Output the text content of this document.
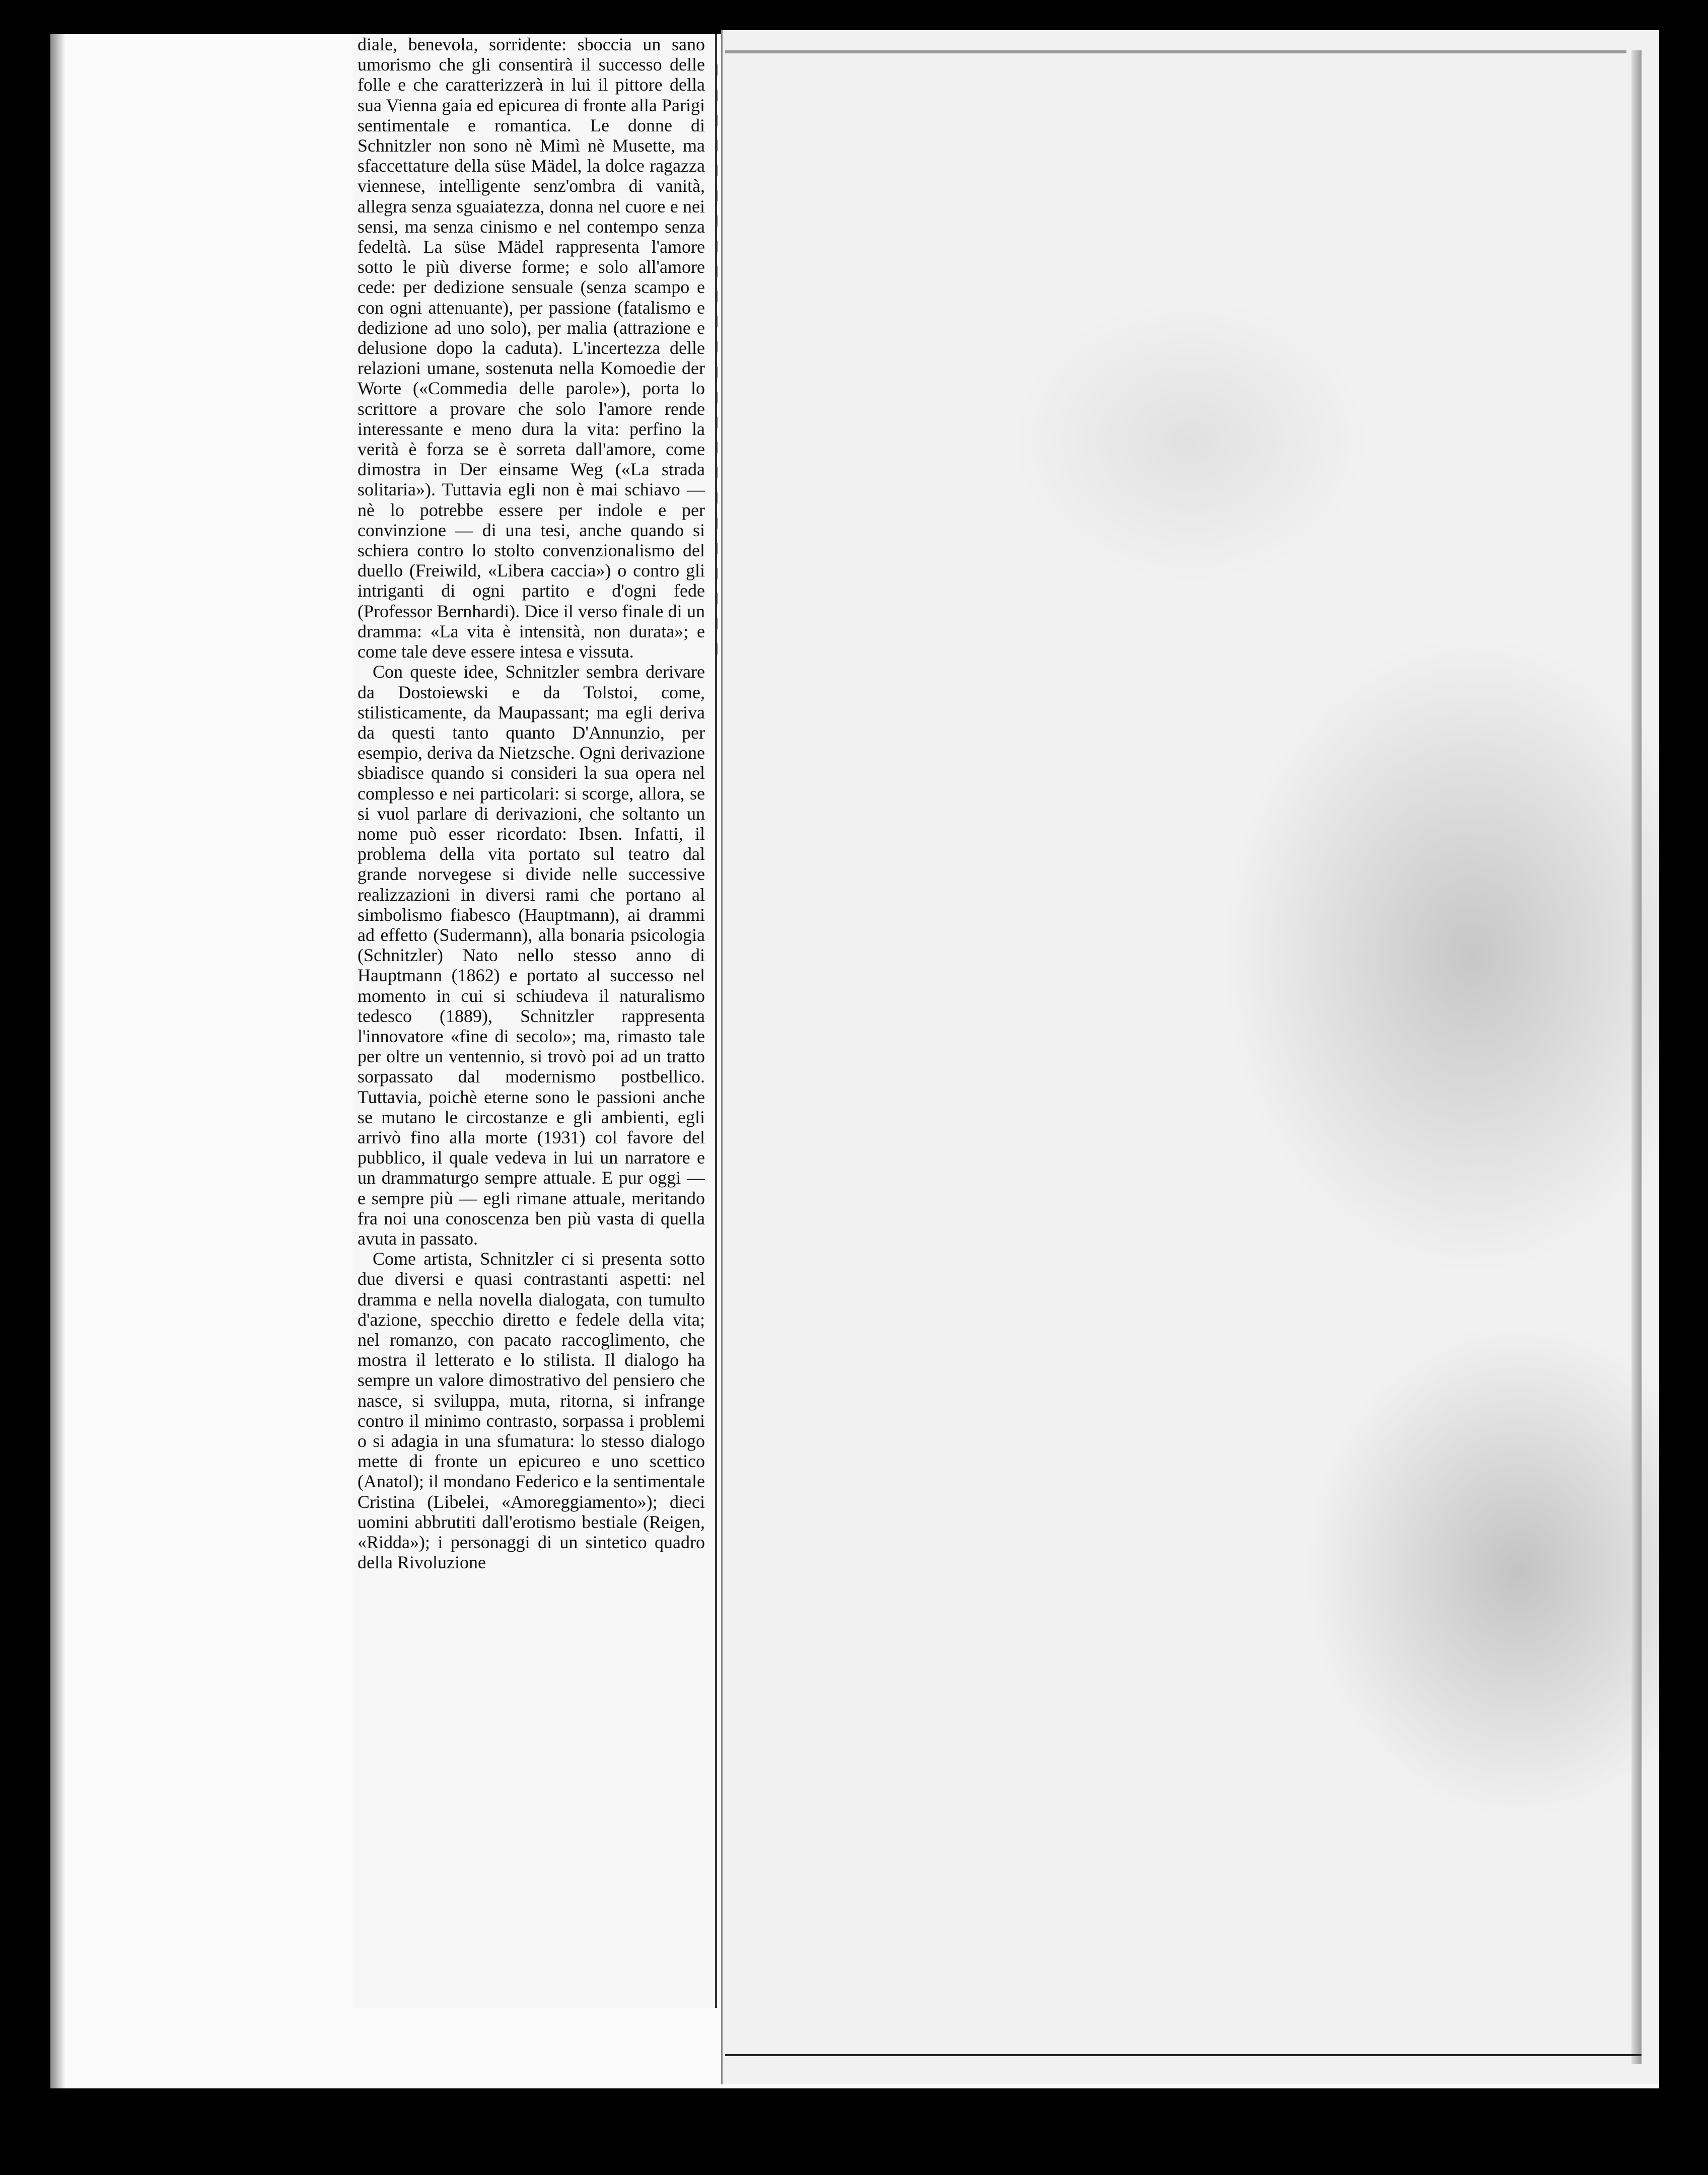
diale, benevola, sorridente: sboccia un sano umorismo che gli consentirà il successo delle folle e che caratterizzerà in lui il pittore della sua Vienna gaia ed epicurea di fronte alla Parigi sentimentale e romantica. Le donne di Schnitzler non sono nè Mimì nè Musette, ma sfaccettature della süse Mädel, la dolce ragazza viennese, intelligente senz'ombra di vanità, allegra senza sguaiatezza, donna nel cuore e nei sensi, ma senza cinismo e nel contempo senza fedeltà. La süse Mädel rappresenta l'amore sotto le più diverse forme; e solo all'amore cede: per dedizione sensuale (senza scampo e con ogni attenuante), per passione (fatalismo e dedizione ad uno solo), per malia (attrazione e delusione dopo la caduta). L'incertezza delle relazioni umane, sostenuta nella Komoedie der Worte («Commedia delle parole»), porta lo scrittore a provare che solo l'amore rende interessante e meno dura la vita: perfino la verità è forza se è sorreta dall'amore, come dimostra in Der einsame Weg («La strada solitaria»). Tuttavia egli non è mai schiavo — nè lo potrebbe essere per indole e per convinzione — di una tesi, anche quando si schiera contro lo stolto convenzionalismo del duello (Freiwild, «Libera caccia») o contro gli intriganti di ogni partito e d'ogni fede (Professor Bernhardi). Dice il verso finale di un dramma: «La vita è intensità, non durata»; e come tale deve essere intesa e vissuta.

Con queste idee, Schnitzler sembra derivare da Dostoiewski e da Tolstoi, come, stilisticamente, da Maupassant; ma egli deriva da questi tanto quanto D'Annunzio, per esempio, deriva da Nietzsche. Ogni derivazione sbiadisce quando si consideri la sua opera nel complesso e nei particolari: si scorge, allora, se si vuol parlare di derivazioni, che soltanto un nome può esser ricordato: Ibsen. Infatti, il problema della vita portato sul teatro dal grande norvegese si divide nelle successive realizzazioni in diversi rami che portano al simbolismo fiabesco (Hauptmann), ai drammi ad effetto (Sudermann), alla bonaria psicologia (Schnitzler) Nato nello stesso anno di Hauptmann (1862) e portato al successo nel momento in cui si schiudeva il naturalismo tedesco (1889), Schnitzler rappresenta l'innovatore «fine di secolo»; ma, rimasto tale per oltre un ventennio, si trovò poi ad un tratto sorpassato dal modernismo postbellico. Tuttavia, poichè eterne sono le passioni anche se mutano le circostanze e gli ambienti, egli arrivò fino alla morte (1931) col favore del pubblico, il quale vedeva in lui un narratore e un drammaturgo sempre attuale. E pur oggi — e sempre più — egli rimane attuale, meritando fra noi una conoscenza ben più vasta di quella avuta in passato.

Come artista, Schnitzler ci si presenta sotto due diversi e quasi contrastanti aspetti: nel dramma e nella novella dialogata, con tumulto d'azione, specchio diretto e fedele della vita; nel romanzo, con pacato raccoglimento, che mostra il letterato e lo stilista. Il dialogo ha sempre un valore dimostrativo del pensiero che nasce, si sviluppa, muta, ritorna, si infrange contro il minimo contrasto, sorpassa i problemi o si adagia in una sfumatura: lo stesso dialogo mette di fronte un epicureo e uno scettico (Anatol); il mondano Federico e la sentimentale Cristina (Libelei, «Amoreggiamento»); dieci uomini abbrutiti dall'erotismo bestiale (Reigen, «Ridda»); i personaggi di un sintetico quadro della Rivoluzione
